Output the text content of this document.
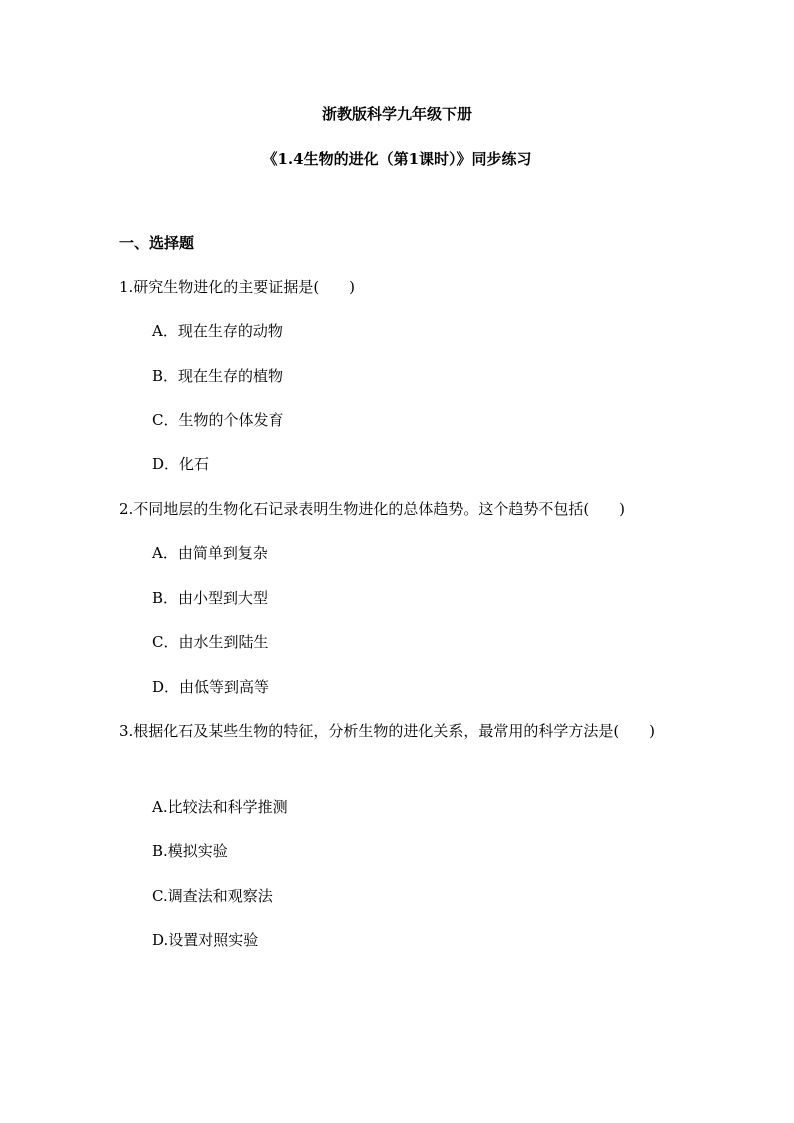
浙教版科学九年级下册
《1.4生物的进化（第1课时）》同步练习
一、选择题
1.研究生物进化的主要证据是(　　)
A．现在生存的动物
B．现在生存的植物
C．生物的个体发育
D．化石
2.不同地层的生物化石记录表明生物进化的总体趋势。这个趋势不包括(　　)
A．由简单到复杂
B．由小型到大型
C．由水生到陆生
D．由低等到高等
3.根据化石及某些生物的特征，分析生物的进化关系，最常用的科学方法是(　　)
A.比较法和科学推测
B.模拟实验
C.调查法和观察法
D.设置对照实验
